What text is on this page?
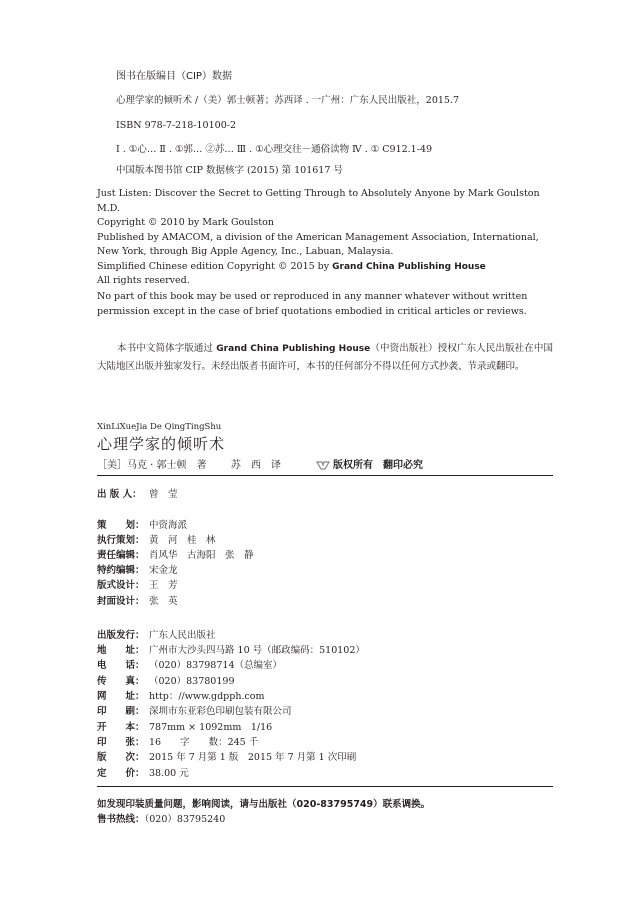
图书在版编目（CIP）数据
心理学家的倾听术 /（美）郭士顿著；苏西译 . 一广州：广东人民出版社，2015.7
ISBN 978-7-218-10100-2
Ⅰ . ①心… Ⅱ . ①郭… ②苏… Ⅲ . ①心理交往－通俗读物 Ⅳ . ① C912.1-49
中国版本图书馆 CIP 数据核字 (2015) 第 101617 号
Just Listen: Discover the Secret to Getting Through to Absolutely Anyone by Mark Goulston M.D.
Copyright © 2010 by Mark Goulston
Published by AMACOM, a division of the American Management Association, International, New York, through Big Apple Agency, Inc., Labuan, Malaysia.
Simplified Chinese edition Copyright © 2015 by Grand China Publishing House
All rights reserved.
No part of this book may be used or reproduced in any manner whatever without written permission except in the case of brief quotations embodied in critical articles or reviews.
本书中文简体字版通过 Grand China Publishing House（中资出版社）授权广东人民出版社在中国大陆地区出版并独家发行。未经出版者书面许可，本书的任何部分不得以任何方式抄袭、节录或翻印。
XinLiXueJia De QingTingShu
心理学家的倾听术
［美］马克 · 郭士顿　著 苏　西　译	版权所有　翻印必究
出 版 人： 曾　莹
策　　划： 中资海派
执行策划： 黄　河　桂　林
责任编辑： 肖风华　古海阳　张　静
特约编辑： 宋金龙
版式设计： 王　芳
封面设计： 张　英
出版发行： 广东人民出版社
地　　址： 广州市大沙头四马路 10 号（邮政编码：510102）
电　　话： （020）83798714（总编室）
传　　真： （020）83780199
网　　址： http：//www.gdpph.com
印　　刷： 深圳市东亚彩色印刷包装有限公司
开　　本： 787mm × 1092mm　1/16
印　　张： 16　　字　　数：245 千
版　　次： 2015 年 7 月第 1 版　2015 年 7 月第 1 次印刷
定　　价： 38.00 元
如发现印装质量问题，影响阅读，请与出版社（020-83795749）联系调换。
售书热线：（020）83795240
